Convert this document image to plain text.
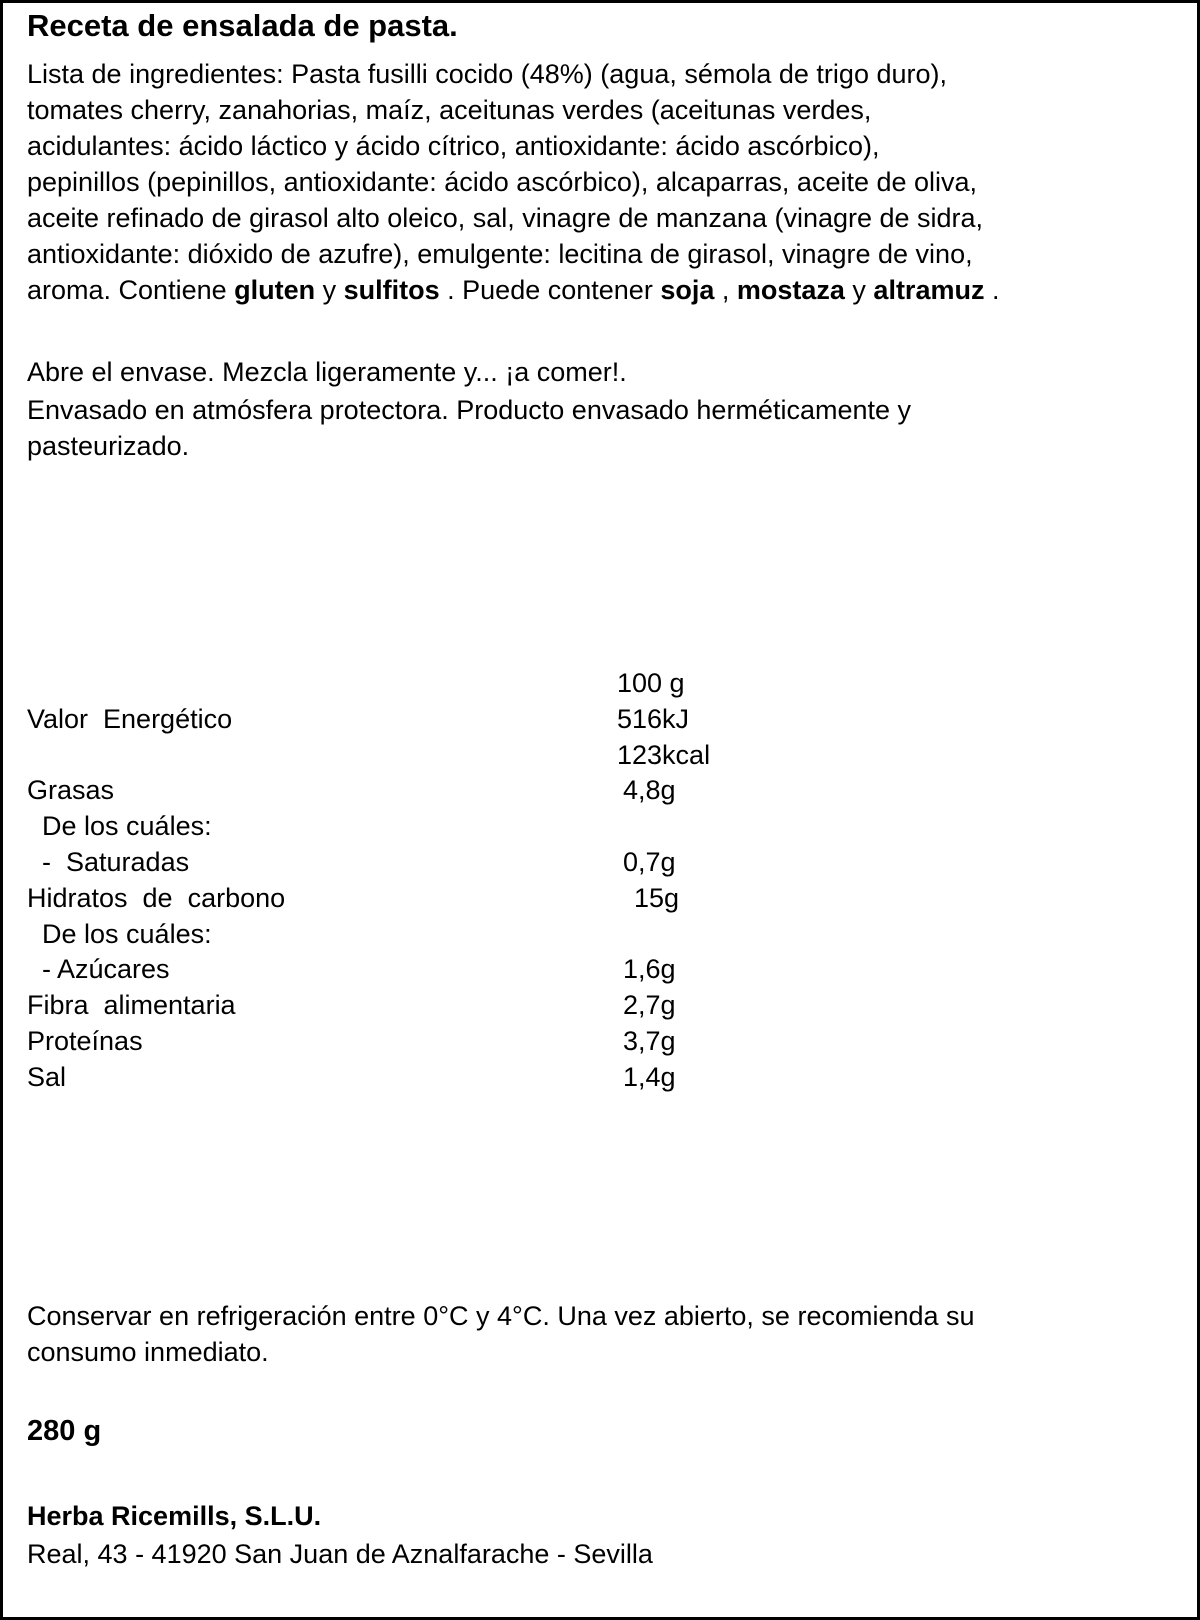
Receta de ensalada de pasta.
Lista de ingredientes: Pasta fusilli cocido (48%) (agua, sémola de trigo duro),
tomates cherry, zanahorias, maíz, aceitunas verdes (aceitunas verdes,
acidulantes: ácido láctico y ácido cítrico, antioxidante: ácido ascórbico),
pepinillos (pepinillos, antioxidante: ácido ascórbico), alcaparras, aceite de oliva,
aceite refinado de girasol alto oleico, sal, vinagre de manzana (vinagre de sidra,
antioxidante: dióxido de azufre), emulgente: lecitina de girasol, vinagre de vino,
aroma. Contiene gluten y sulfitos . Puede contener soja , mostaza y altramuz .
Abre el envase. Mezcla ligeramente y... ¡a comer!.
Envasado en atmósfera protectora. Producto envasado herméticamente y
pasteurizado.
100 g
Valor  Energético	516kJ
123kcal
Grasas	4,8g
De los cuáles:
-  Saturadas	0,7g
Hidratos  de  carbono	15g
De los cuáles:
- Azúcares	1,6g
Fibra  alimentaria	2,7g
Proteínas	3,7g
Sal	1,4g
Conservar en refrigeración entre 0°C y 4°C. Una vez abierto, se recomienda su
consumo inmediato.
280 g
Herba Ricemills, S.L.U.
Real, 43 - 41920 San Juan de Aznalfarache - Sevilla
